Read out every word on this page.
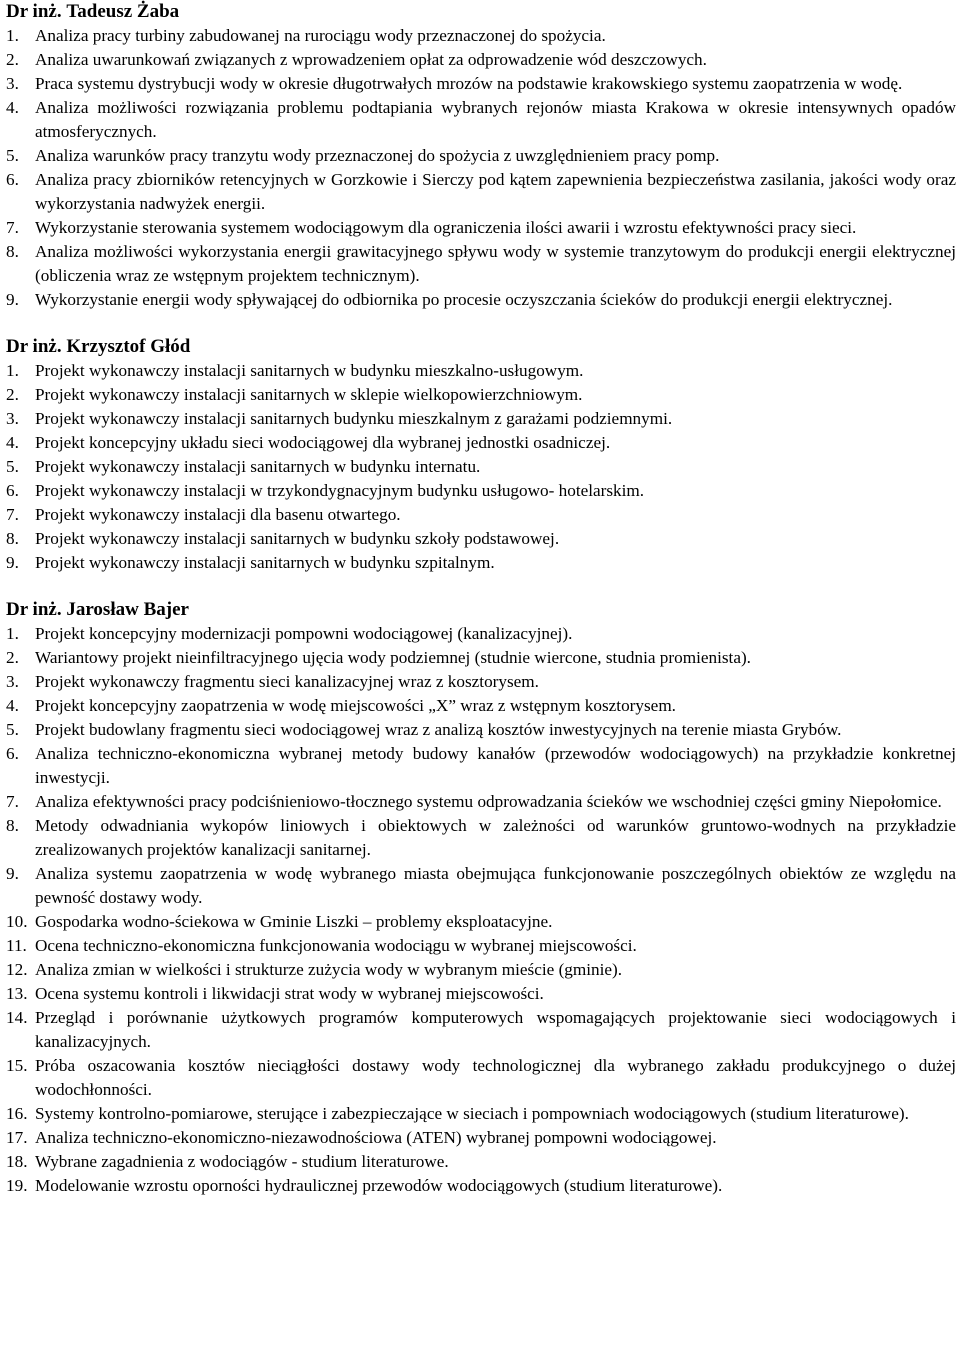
Dr inż. Tadeusz Żaba

1. Analiza pracy turbiny zabudowanej na rurociągu wody przeznaczonej do spożycia.
2. Analiza uwarunkowań związanych z wprowadzeniem opłat za odprowadzenie wód deszczowych.
3. Praca systemu dystrybucji wody w okresie długotrwałych mrozów na podstawie krakowskiego systemu zaopatrzenia w wodę.
4. Analiza możliwości rozwiązania problemu podtapiania wybranych rejonów miasta Krakowa w okresie intensywnych opadów atmosferycznych.
5. Analiza warunków pracy tranzytu wody przeznaczonej do spożycia z uwzględnieniem pracy pomp.
6. Analiza pracy zbiorników retencyjnych w Gorzkowie i Sierczy pod kątem zapewnienia bezpieczeństwa zasilania, jakości wody oraz wykorzystania nadwyżek energii.
7. Wykorzystanie sterowania systemem wodociągowym dla ograniczenia ilości awarii i wzrostu efektywności pracy sieci.
8. Analiza możliwości wykorzystania energii grawitacyjnego spływu wody w systemie tranzytowym do produkcji energii elektrycznej (obliczenia wraz ze wstępnym projektem technicznym).
9. Wykorzystanie energii wody spływającej do odbiornika po procesie oczyszczania ścieków do produkcji energii elektrycznej.

Dr inż. Krzysztof Głód

1. Projekt wykonawczy instalacji sanitarnych w budynku mieszkalno-usługowym.
2. Projekt wykonawczy instalacji sanitarnych w sklepie wielkopowierzchniowym.
3. Projekt wykonawczy instalacji sanitarnych budynku mieszkalnym z garażami podziemnymi.
4. Projekt koncepcyjny układu sieci wodociągowej dla wybranej jednostki osadniczej.
5. Projekt wykonawczy instalacji sanitarnych w budynku internatu.
6. Projekt wykonawczy instalacji w trzykondygnacyjnym budynku usługowo- hotelarskim.
7. Projekt wykonawczy instalacji dla basenu otwartego.
8. Projekt wykonawczy instalacji sanitarnych w budynku szkoły podstawowej.
9. Projekt wykonawczy instalacji sanitarnych w budynku szpitalnym.

Dr inż. Jarosław Bajer

1. Projekt koncepcyjny modernizacji pompowni wodociągowej (kanalizacyjnej).
2. Wariantowy projekt nieinfiltracyjnego ujęcia wody podziemnej (studnie wiercone, studnia promienista).
3. Projekt wykonawczy fragmentu sieci kanalizacyjnej wraz z kosztorysem.
4. Projekt koncepcyjny zaopatrzenia w wodę miejscowości „X” wraz z wstępnym kosztorysem.
5. Projekt budowlany fragmentu sieci wodociągowej wraz z analizą kosztów inwestycyjnych na terenie miasta Grybów.
6. Analiza techniczno-ekonomiczna wybranej metody budowy kanałów (przewodów wodociągowych) na przykładzie konkretnej inwestycji.
7. Analiza efektywności pracy podciśnieniowo-tłocznego systemu odprowadzania ścieków we wschodniej części gminy Niepołomice.
8. Metody odwadniania wykopów liniowych i obiektowych w zależności od warunków gruntowo-wodnych na przykładzie zrealizowanych projektów kanalizacji sanitarnej.
9. Analiza systemu zaopatrzenia w wodę wybranego miasta obejmująca funkcjonowanie poszczególnych obiektów ze względu na pewność dostawy wody.
10. Gospodarka wodno-ściekowa w Gminie Liszki – problemy eksploatacyjne.
11. Ocena techniczno-ekonomiczna funkcjonowania wodociągu w wybranej miejscowości.
12. Analiza zmian w wielkości i strukturze zużycia wody w wybranym mieście (gminie).
13. Ocena systemu kontroli i likwidacji strat wody w wybranej miejscowości.
14. Przegląd i porównanie użytkowych programów komputerowych wspomagających projektowanie sieci wodociągowych i kanalizacyjnych.
15. Próba oszacowania kosztów nieciągłości dostawy wody technologicznej dla wybranego zakładu produkcyjnego o dużej wodochłonności.
16. Systemy kontrolno-pomiarowe, sterujące i zabezpieczające w sieciach i pompowniach wodociągowych (studium literaturowe).
17. Analiza techniczno-ekonomiczno-niezawodnościowa (ATEN) wybranej pompowni wodociągowej.
18. Wybrane zagadnienia z wodociągów - studium literaturowe.
19. Modelowanie wzrostu oporności hydraulicznej przewodów wodociągowych (studium literaturowe).
